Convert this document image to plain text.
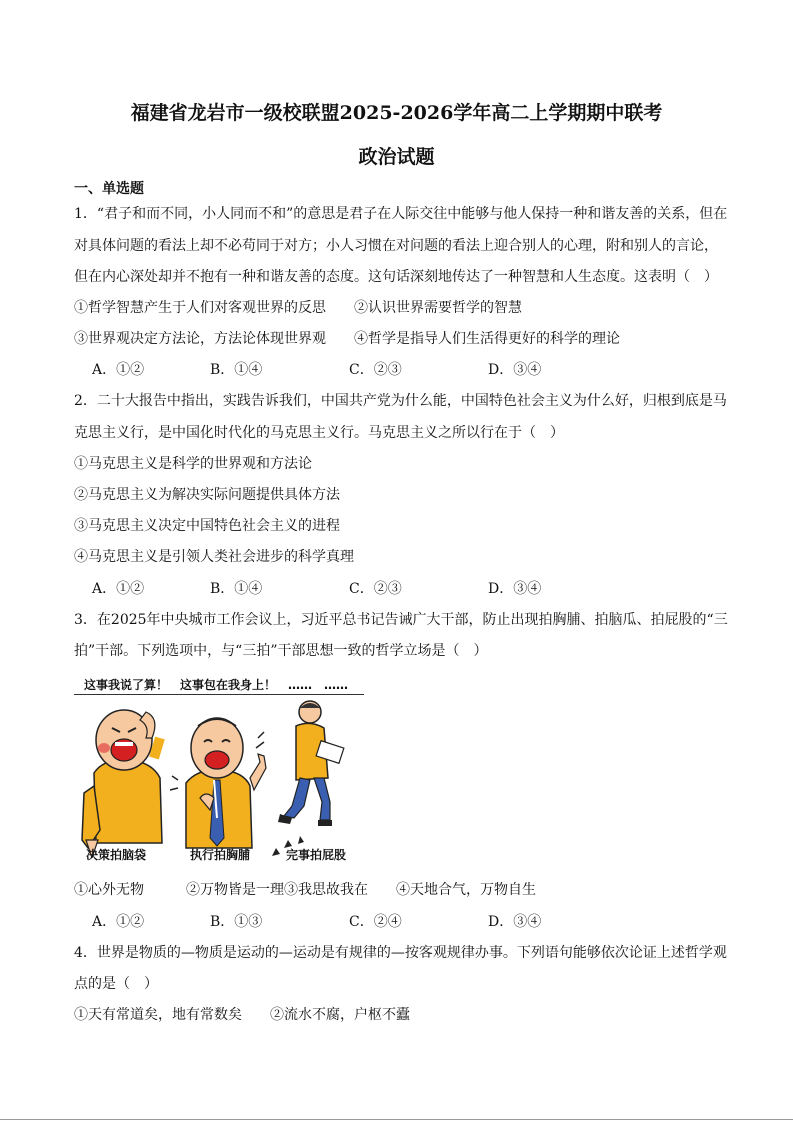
福建省龙岩市一级校联盟2025-2026学年高二上学期期中联考
政治试题
一、单选题
1．“君子和而不同，小人同而不和”的意思是君子在人际交往中能够与他人保持一种和谐友善的关系，但在
对具体问题的看法上却不必苟同于对方；小人习惯在对问题的看法上迎合别人的心理，附和别人的言论，
但在内心深处却并不抱有一种和谐友善的态度。这句话深刻地传达了一种智慧和人生态度。这表明（　）
①哲学智慧产生于人们对客观世界的反思　　②认识世界需要哲学的智慧
③世界观决定方法论，方法论体现世界观　　④哲学是指导人们生活得更好的科学的理论
A．①②	B．①④	C．②③	D．③④
2．二十大报告中指出，实践告诉我们，中国共产党为什么能，中国特色社会主义为什么好，归根到底是马
克思主义行，是中国化时代化的马克思主义行。马克思主义之所以行在于（　）
①马克思主义是科学的世界观和方法论
②马克思主义为解决实际问题提供具体方法
③马克思主义决定中国特色社会主义的进程
④马克思主义是引领人类社会进步的科学真理
A．①②	B．①④	C．②③	D．③④
3．在2025年中央城市工作会议上，习近平总书记告诫广大干部，防止出现拍胸脯、拍脑瓜、拍屁股的“三
拍”干部。下列选项中，与“三拍”干部思想一致的哲学立场是（　）
这事我说了算！　这事包在我身上！　……　……
决策拍脑袋	执行拍胸脯	完事拍屁股
①心外无物　　　②万物皆是一理③我思故我在　　④天地合气，万物自生
A．①②	B．①③	C．②④	D．③④
4．世界是物质的—物质是运动的—运动是有规律的—按客观规律办事。下列语句能够依次论证上述哲学观
点的是（　）
①天有常道矣，地有常数矣　　②流水不腐，户枢不蠹
